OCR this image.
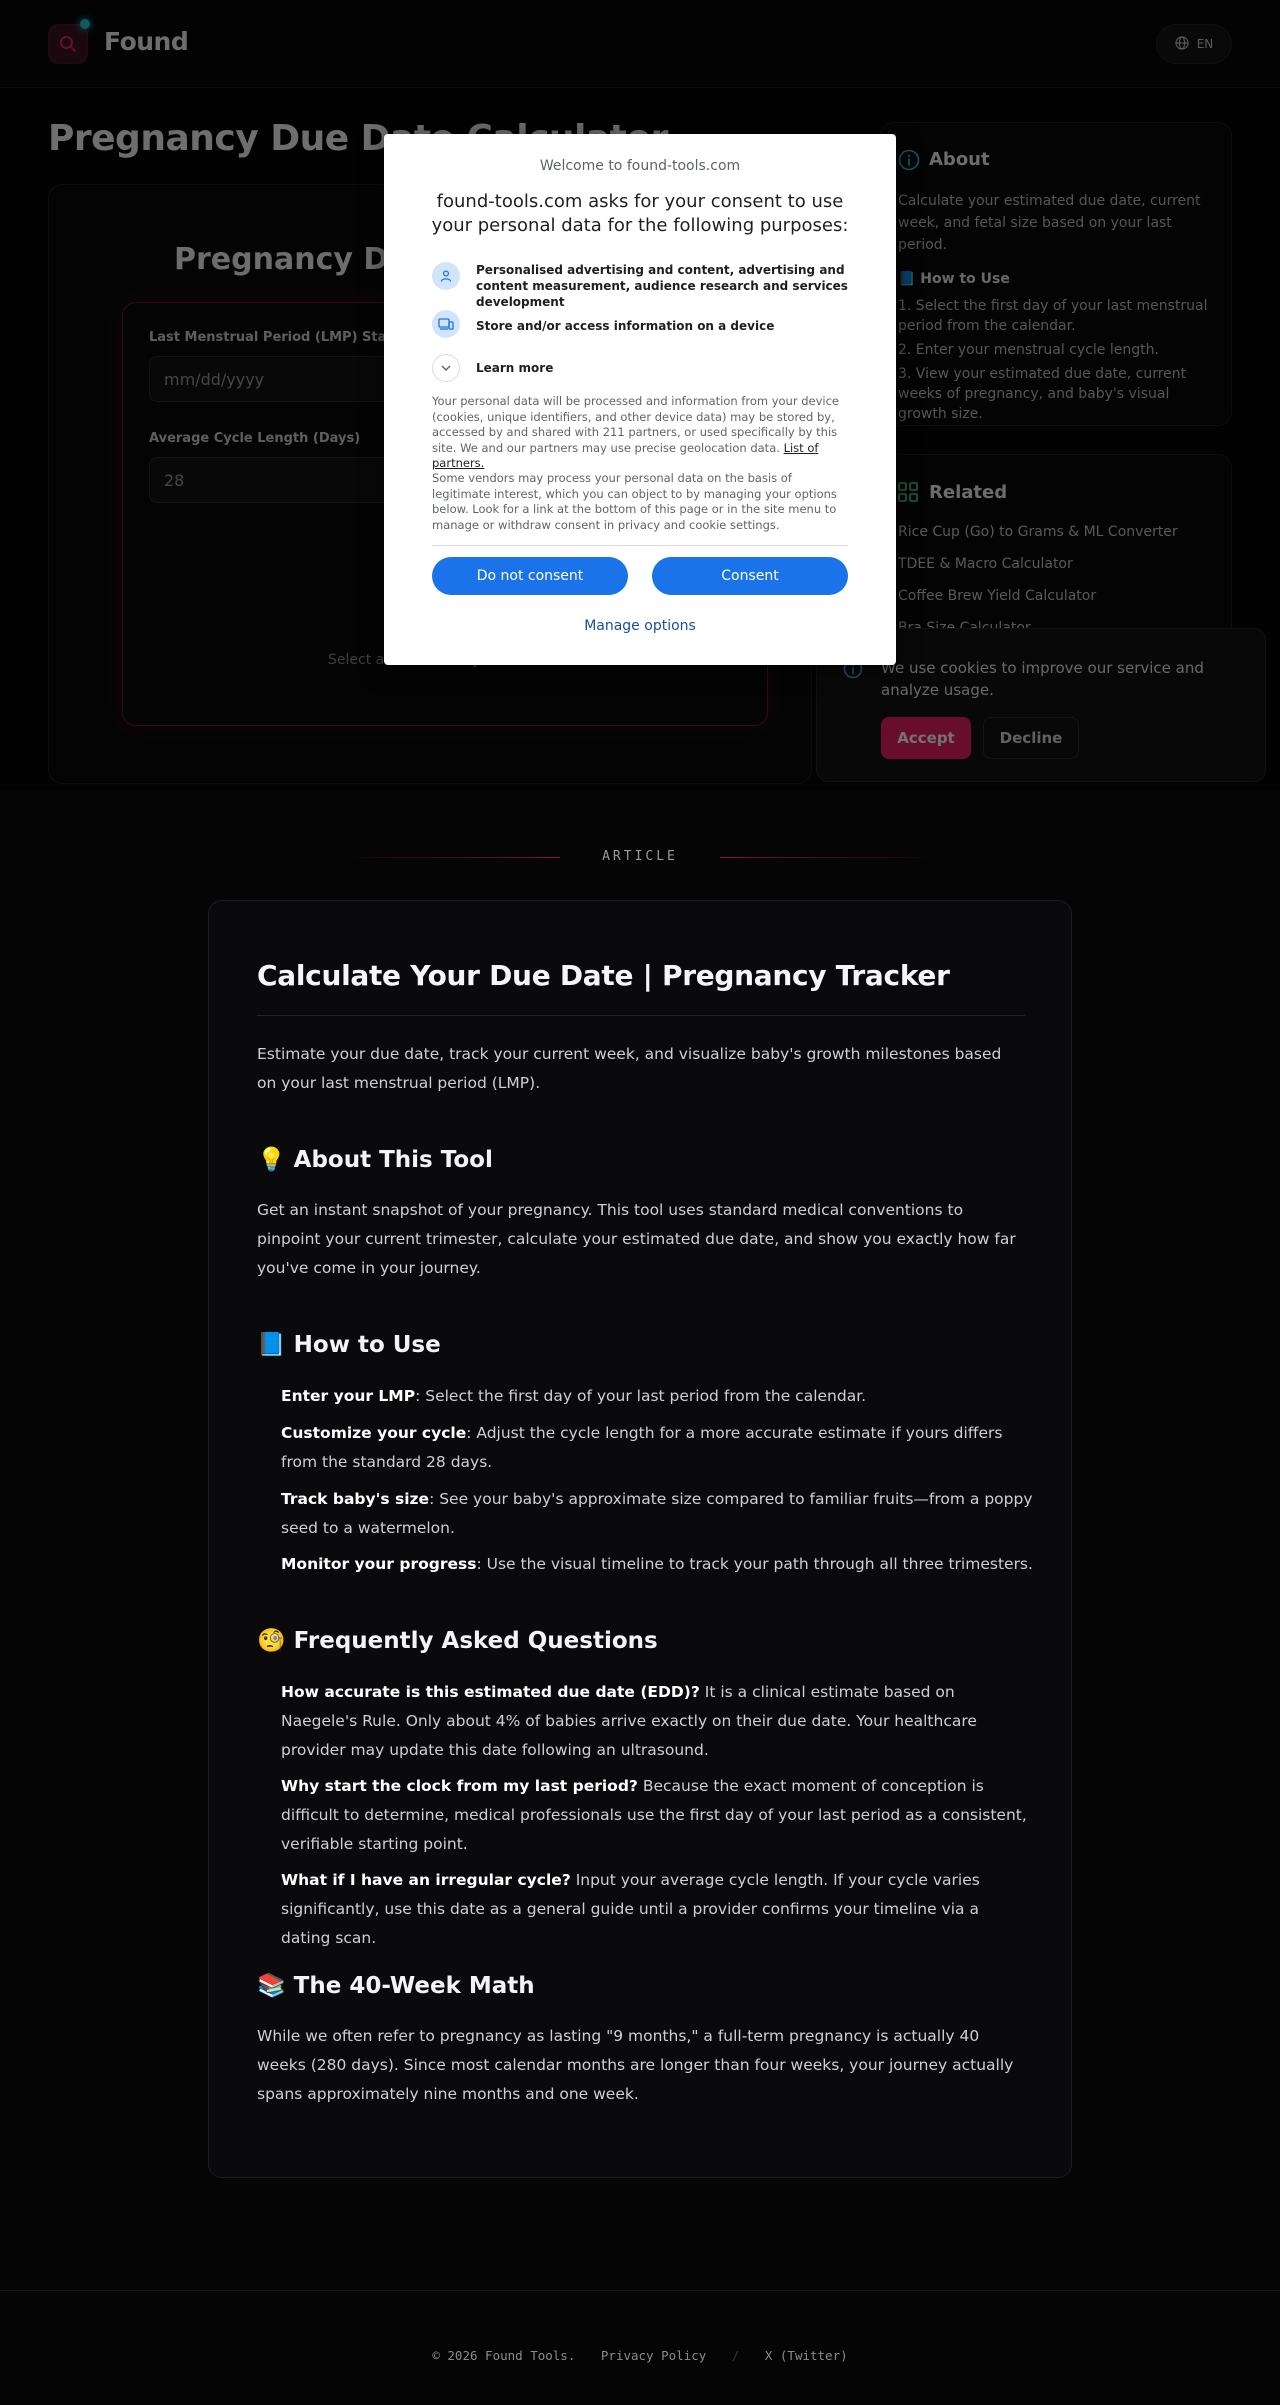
Welcome to found-tools.com
found-tools.com asks for your consent to use your personal data for the following purposes:
Personalised advertising and content, advertising and content measurement, audience research and services development
Store and/or access information on a device
Learn more
Your personal data will be processed and information from your device (cookies, unique identifiers, and other device data) may be stored by, accessed by and shared with 211 partners, or used specifically by this site. We and our partners may use precise geolocation data. List of partners.
Some vendors may process your personal data on the basis of legitimate interest, which you can object to by managing your options below. Look for a link at the bottom of this page or in the site menu to manage or withdraw consent in privacy and cookie settings.
Do not consent	Consent
Manage options
ARTICLE
Calculate Your Due Date | Pregnancy Tracker
Estimate your due date, track your current week, and visualize baby's growth milestones based on your last menstrual period (LMP).
💡 About This Tool
Get an instant snapshot of your pregnancy. This tool uses standard medical conventions to pinpoint your current trimester, calculate your estimated due date, and show you exactly how far you've come in your journey.
📘 How to Use
Enter your LMP: Select the first day of your last period from the calendar.
Customize your cycle: Adjust the cycle length for a more accurate estimate if yours differs from the standard 28 days.
Track baby's size: See your baby's approximate size compared to familiar fruits—from a poppy seed to a watermelon.
Monitor your progress: Use the visual timeline to track your path through all three trimesters.
🧐 Frequently Asked Questions
How accurate is this estimated due date (EDD)? It is a clinical estimate based on Naegele's Rule. Only about 4% of babies arrive exactly on their due date. Your healthcare provider may update this date following an ultrasound.
Why start the clock from my last period? Because the exact moment of conception is difficult to determine, medical professionals use the first day of your last period as a consistent, verifiable starting point.
What if I have an irregular cycle? Input your average cycle length. If your cycle varies significantly, use this date as a general guide until a provider confirms your timeline via a dating scan.
📚 The 40-Week Math
While we often refer to pregnancy as lasting "9 months," a full-term pregnancy is actually 40 weeks (280 days). Since most calendar months are longer than four weeks, your journey actually spans approximately nine months and one week.
© 2026 Found Tools. Privacy Policy / X (Twitter)
